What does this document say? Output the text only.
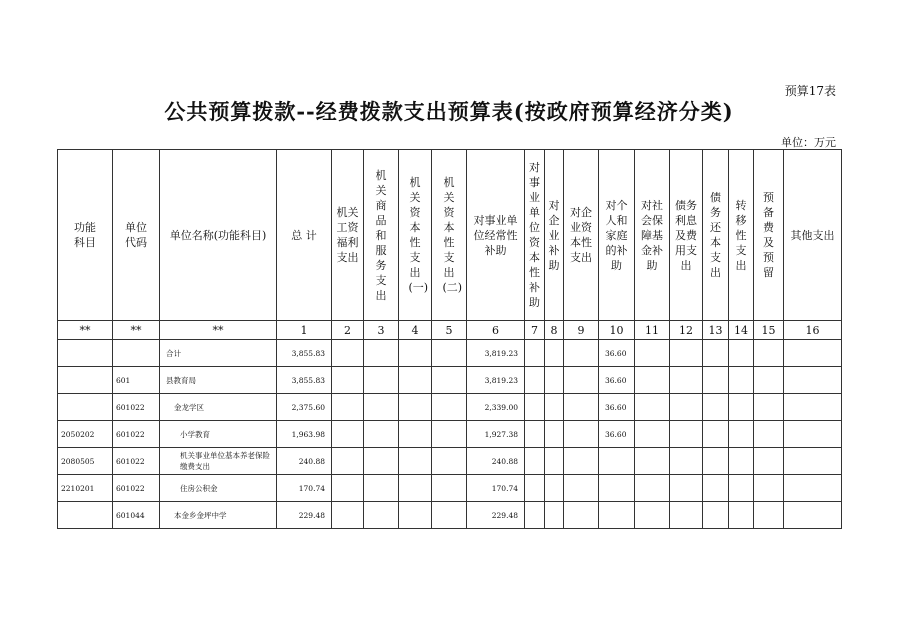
预算17表
公共预算拨款--经费拨款支出预算表(按政府预算经济分类)
单位：万元
功能科目	单位代码	单位名称(功能科目)	总 计	机关工资福利支出	机关商品和服务支出	机关资本性支出(一)	机关资本性支出(二)	对事业单位经常性补助	对事业单位资本性补助	对企业补助	对企业资本性支出	对个人和家庭的补助	对社会保障基金补助	债务利息及费用支出	债务还本支出	转移性支出	预备费及预留	其他支出
**	**	**	1	2	3	4	5	6	7	8	9	10	11	12	13	14	15	16
		合计	3,855.83					3,819.23				36.60						
	601	县教育局	3,855.83					3,819.23				36.60						
	601022	金龙学区	2,375.60					2,339.00				36.60						
2050202	601022	小学教育	1,963.98					1,927.38				36.60						
2080505	601022	机关事业单位基本养老保险缴费支出	240.88					240.88										
2210201	601022	住房公积金	170.74					170.74										
	601044	本金乡金坪中学	229.48					229.48										
